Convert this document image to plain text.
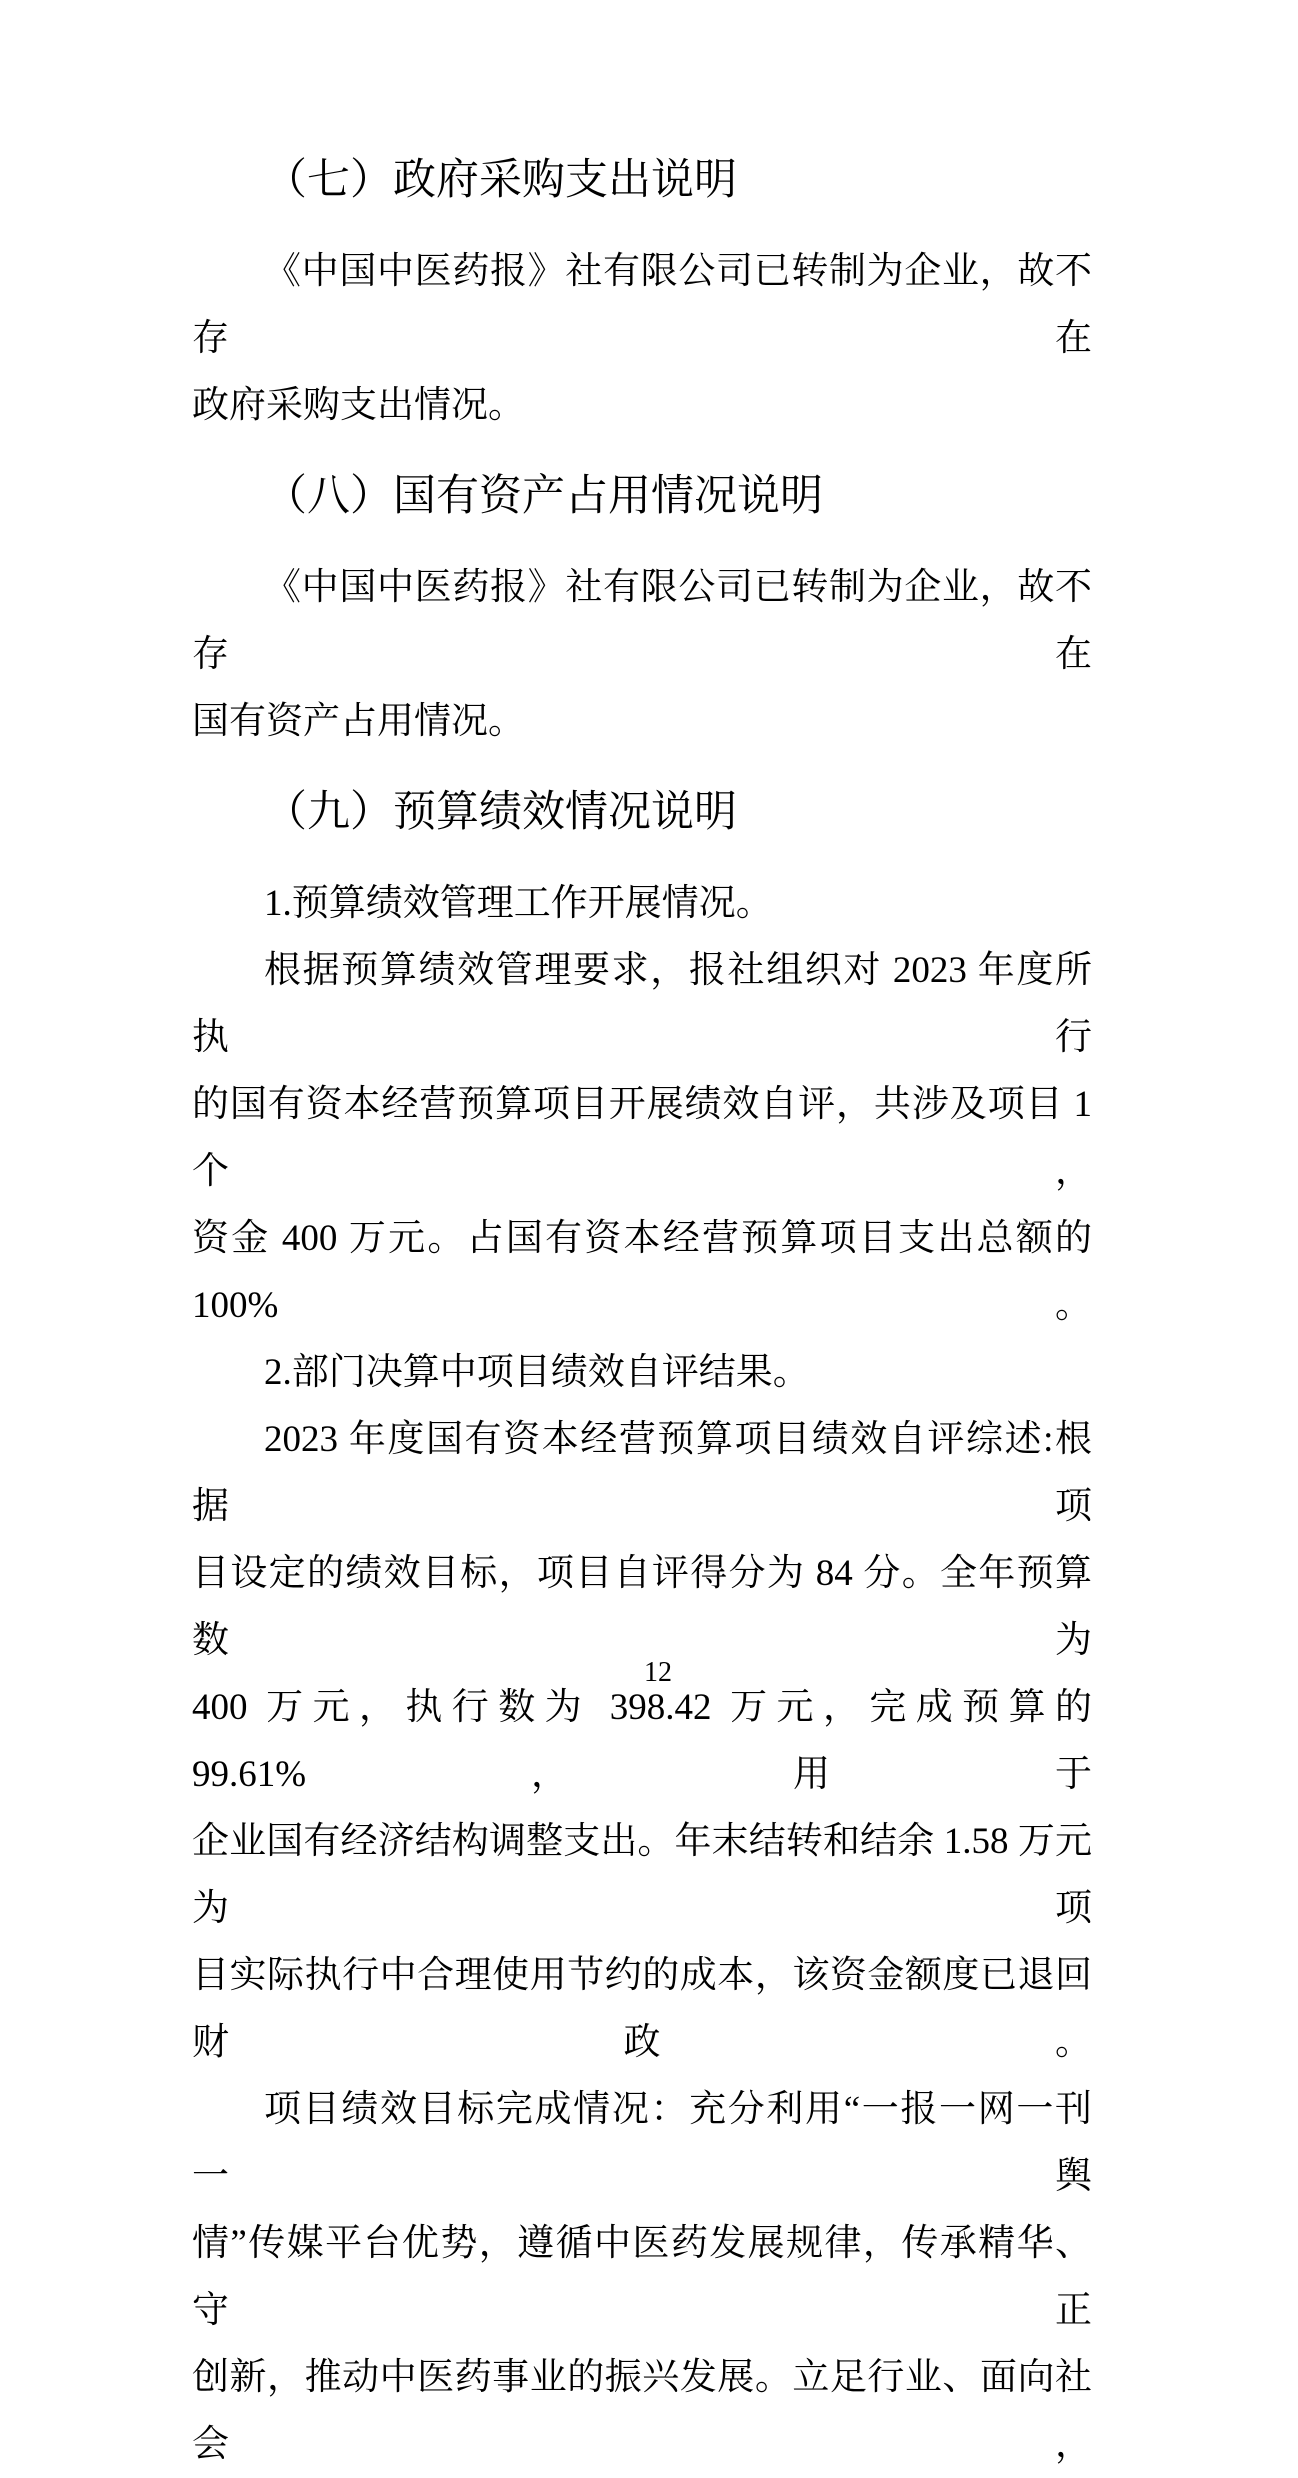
（七）政府采购支出说明
《中国中医药报》社有限公司已转制为企业，故不存在
政府采购支出情况。
（八）国有资产占用情况说明
《中国中医药报》社有限公司已转制为企业，故不存在
国有资产占用情况。
（九）预算绩效情况说明
1.预算绩效管理工作开展情况。
根据预算绩效管理要求，报社组织对 2023 年度所执行
的国有资本经营预算项目开展绩效自评，共涉及项目 1 个，
资金 400 万元。占国有资本经营预算项目支出总额的 100%。
2.部门决算中项目绩效自评结果。
2023 年度国有资本经营预算项目绩效自评综述:根据项
目设定的绩效目标，项目自评得分为 84 分。全年预算数为
400 万元，执行数为 398.42 万元，完成预算的 99.61%，用于
企业国有经济结构调整支出。年末结转和结余 1.58 万元为项
目实际执行中合理使用节约的成本，该资金额度已退回财政。
项目绩效目标完成情况：充分利用“一报一网一刊一舆
情”传媒平台优势，遵循中医药发展规律，传承精华、守正
创新，推动中医药事业的振兴发展。立足行业、面向社会，
12
